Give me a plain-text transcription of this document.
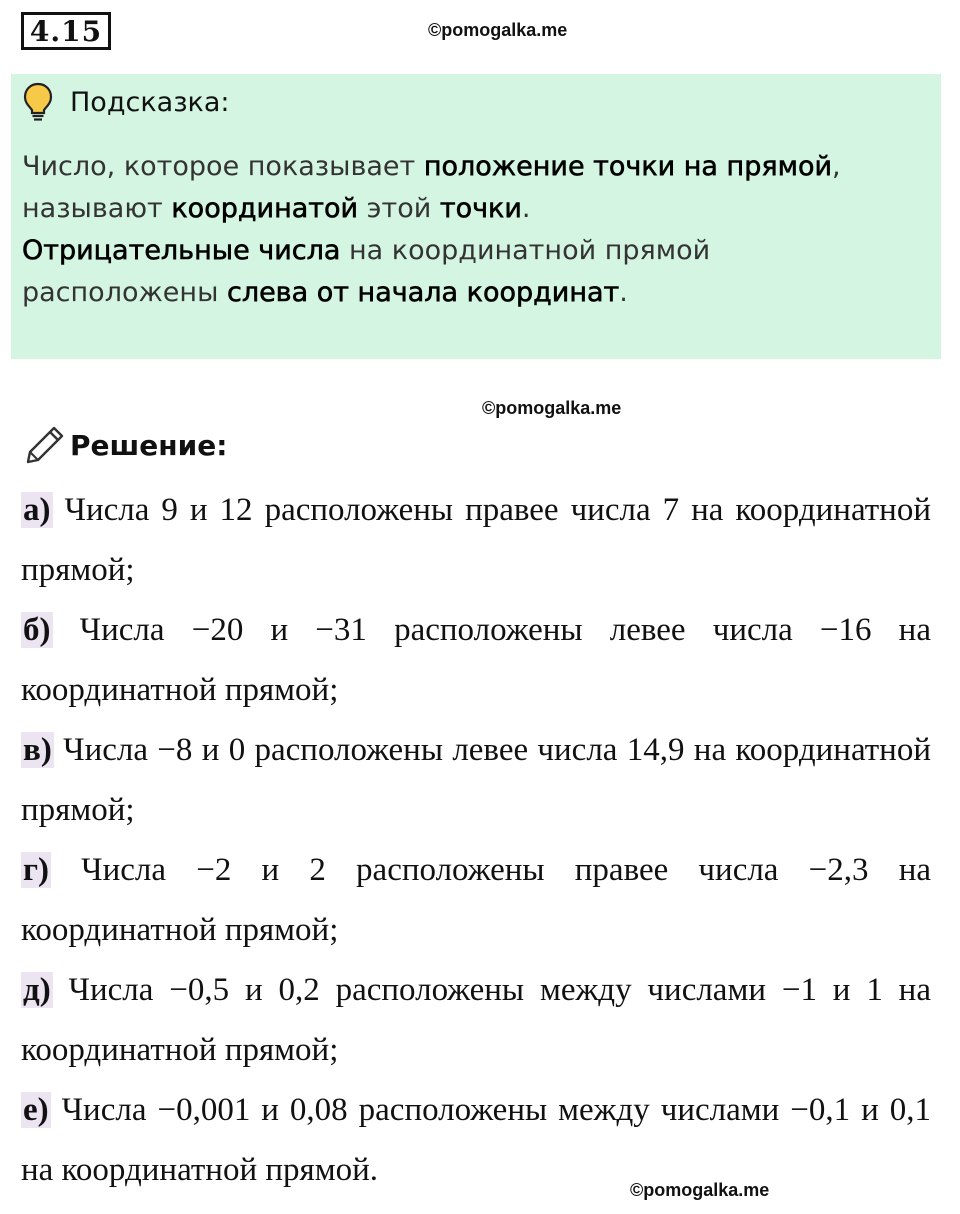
4.15	©pomogalka.me
Подсказка:
Число, которое показывает положение точки на прямой,
называют координатой этой точки.
Отрицательные числа на координатной прямой
расположены слева от начала координат.
©pomogalka.me
Решение:

а) Числа 9 и 12 расположены правее числа 7 на координатной прямой;

б) Числа −20 и −31 расположены левее числа −16 на координатной прямой;

в) Числа −8 и 0 расположены левее числа 14,9 на координатной прямой;

г) Числа −2 и 2 расположены правее числа −2,3 на координатной прямой;

д) Числа −0,5 и 0,2 расположены между числами −1 и 1 на координатной прямой;

е) Числа −0,001 и 0,08 расположены между числами −0,1 и 0,1 на координатной прямой.

©pomogalka.me
